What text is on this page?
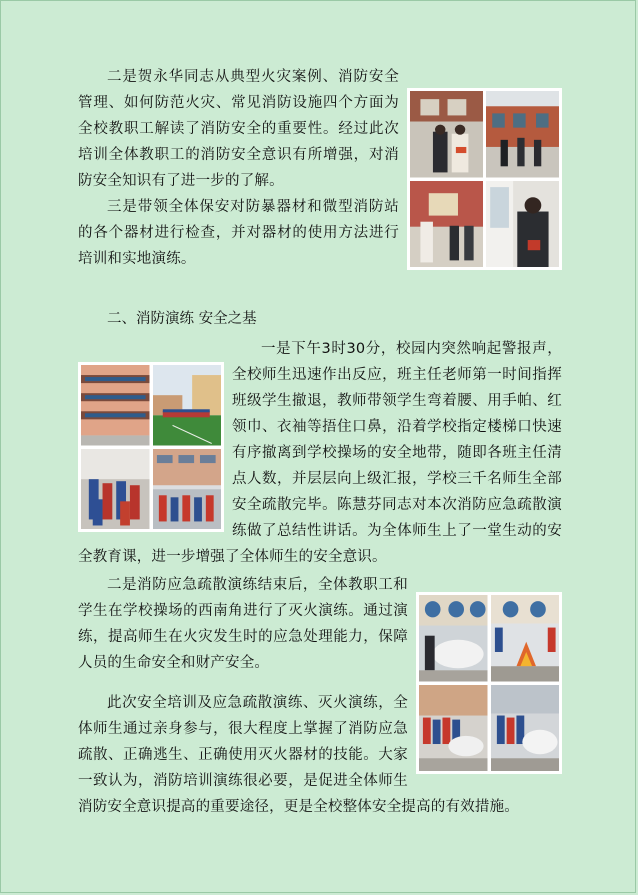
二是贺永华同志从典型火灾案例、消防安全管理、如何防范火灾、常见消防设施四个方面为全校教职工解读了消防安全的重要性。经过此次培训全体教职工的消防安全意识有所增强，对消防安全知识有了进一步的了解。
三是带领全体保安对防暴器材和微型消防站的各个器材进行检查，并对器材的使用方法进行培训和实地演练。

二、消防演练 安全之基

一是下午3时30分，校园内突然响起警报声，全校师生迅速作出反应，班主任老师第一时间指挥班级学生撤退，教师带领学生弯着腰、用手帕、红领巾、衣袖等捂住口鼻，沿着学校指定楼梯口快速有序撤离到学校操场的安全地带，随即各班主任清点人数，并层层向上级汇报，学校三千名师生全部安全疏散完毕。陈慧芬同志对本次消防应急疏散演练做了总结性讲话。为全体师生上了一堂生动的安全教育课，进一步增强了全体师生的安全意识。
二是消防应急疏散演练结束后，全体教职工和学生在学校操场的西南角进行了灭火演练。通过演练，提高师生在火灾发生时的应急处理能力，保障人员的生命安全和财产安全。
此次安全培训及应急疏散演练、灭火演练，全体师生通过亲身参与，很大程度上掌握了消防应急疏散、正确逃生、正确使用灭火器材的技能。大家一致认为，消防培训演练很必要，是促进全体师生消防安全意识提高的重要途径，更是全校整体安全提高的有效措施。
